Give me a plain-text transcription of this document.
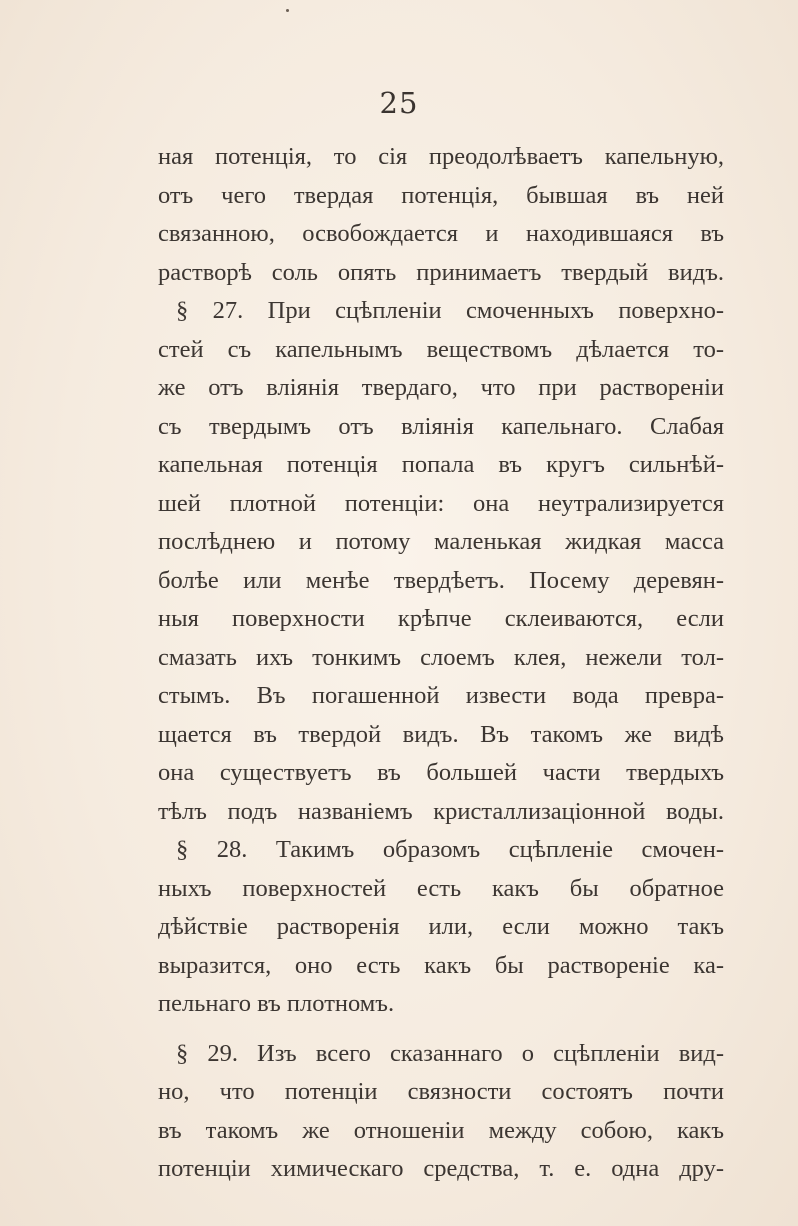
25
ная потенція, то сія преодолѣваетъ капельную,
отъ чего твердая потенція, бывшая въ ней
связанною, освобождается и находившаяся въ
растворѣ соль опять принимаетъ твердый видъ.
§ 27. При сцѣпленіи смоченныхъ поверхно-
стей съ капельнымъ веществомъ дѣлается то-
же отъ вліянія твердаго, что при раствореніи
съ твердымъ отъ вліянія капельнаго. Слабая
капельная потенція попала въ кругъ сильнѣй-
шей плотной потенціи: она неутрализируется
послѣднею и потому маленькая жидкая масса
болѣе или менѣе твердѣетъ. Посему деревян-
ныя поверхности крѣпче склеиваются, если
смазать ихъ тонкимъ слоемъ клея, нежели тол-
стымъ. Въ погашенной извести вода превра-
щается въ твердой видъ. Въ такомъ же видѣ
она существуетъ въ большей части твердыхъ
тѣлъ подъ названіемъ кристаллизаціонной воды.
§ 28. Такимъ образомъ сцѣпленіе смочен-
ныхъ поверхностей есть какъ бы обратное
дѣйствіе растворенія или, если можно такъ
выразится, оно есть какъ бы раствореніе ка-
пельнаго въ плотномъ.
§ 29. Изъ всего сказаннаго о сцѣпленіи вид-
но, что потенціи связности состоятъ почти
въ такомъ же отношеніи между собою, какъ
потенціи химическаго средства, т. е. одна дру-
